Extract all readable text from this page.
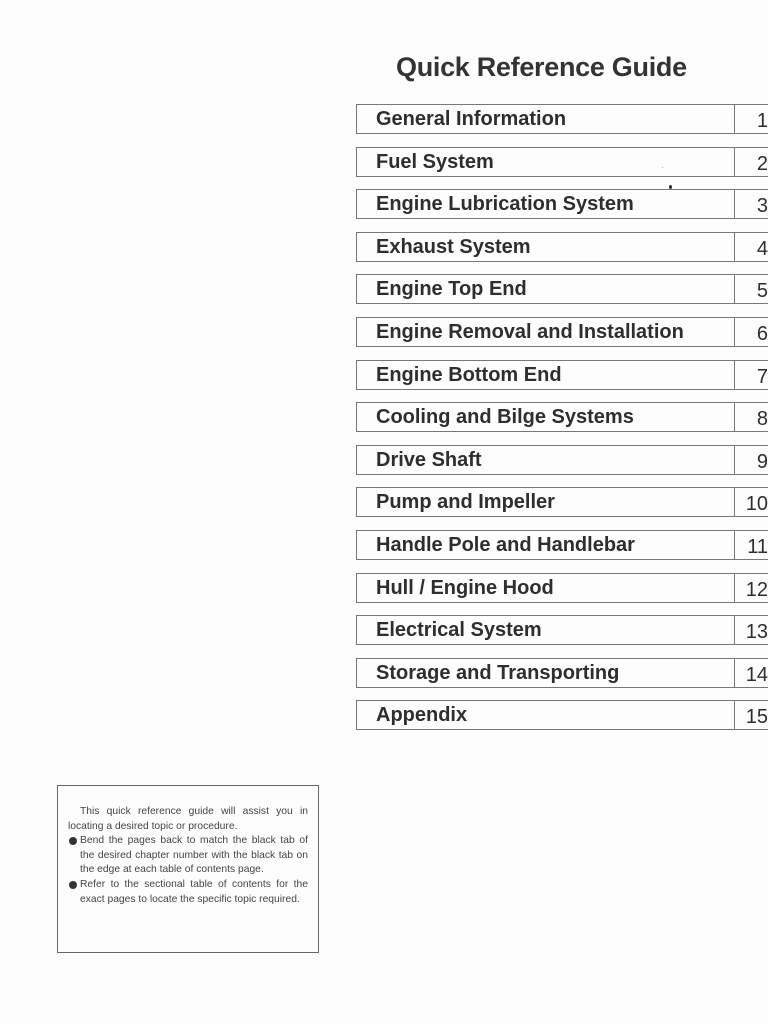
Quick Reference Guide
General Information	1
Fuel System	2
Engine Lubrication System	3
Exhaust System	4
Engine Top End	5
Engine Removal and Installation	6
Engine Bottom End	7
Cooling and Bilge Systems	8
Drive Shaft	9
Pump and Impeller	10
Handle Pole and Handlebar	11
Hull / Engine Hood	12
Electrical System	13
Storage and Transporting	14
Appendix	15
This quick reference guide will assist you in locating a desired topic or procedure.
Bend the pages back to match the black tab of the desired chapter number with the black tab on the edge at each table of contents page.
Refer to the sectional table of contents for the exact pages to locate the specific topic required.
